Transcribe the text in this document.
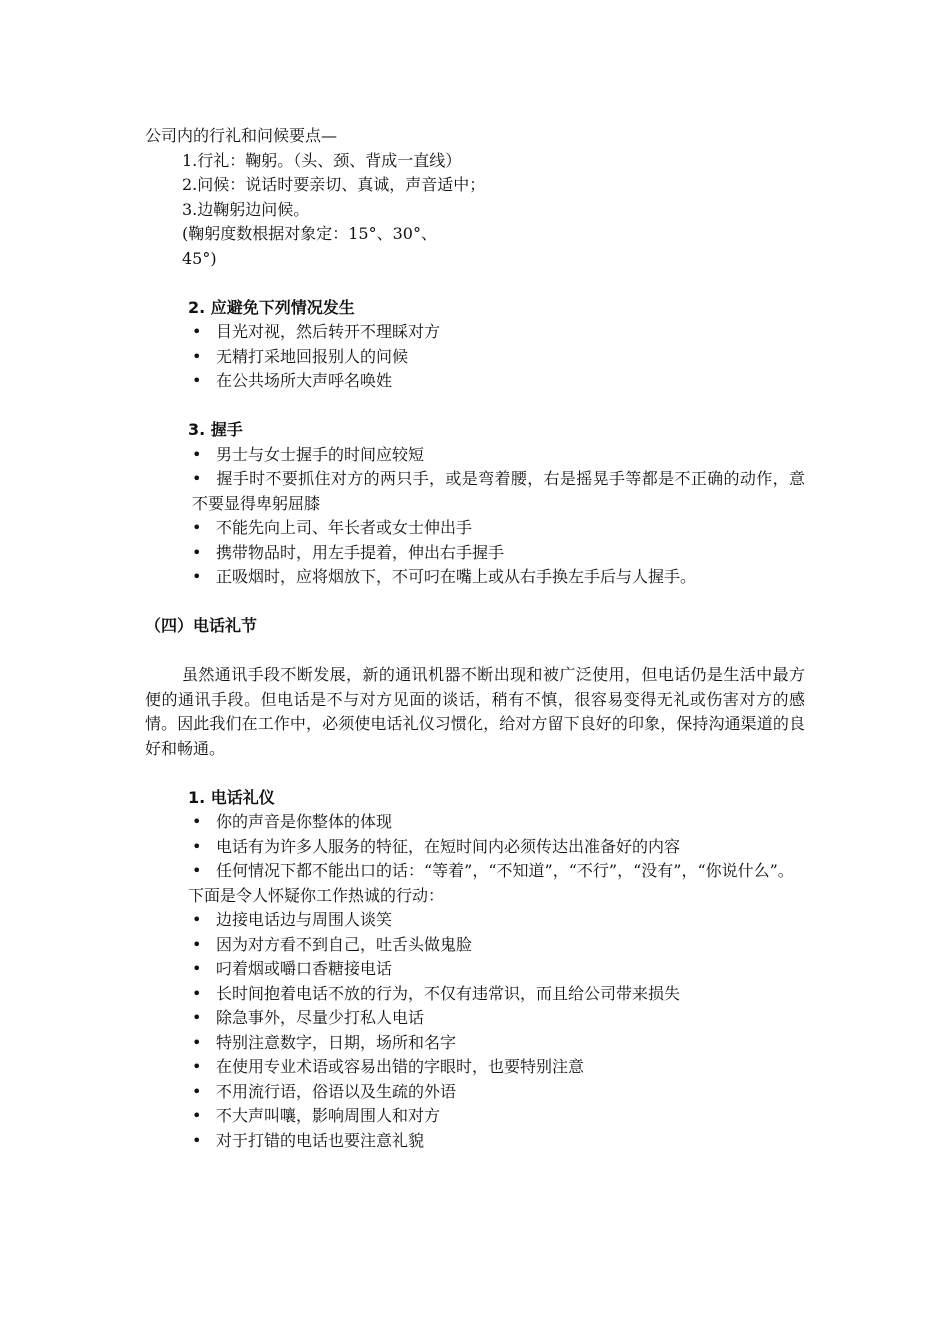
公司内的行礼和问候要点—
1.行礼：鞠躬。（头、颈、背成一直线）
2.问候：说话时要亲切、真诚，声音适中；
3.边鞠躬边问候。
(鞠躬度数根据对象定：15°、30°、
45°)
2. 应避免下列情况发生
• 目光对视，然后转开不理睬对方
• 无精打采地回报别人的问候
• 在公共场所大声呼名唤姓
3. 握手
• 男士与女士握手的时间应较短
• 握手时不要抓住对方的两只手，或是弯着腰，右是摇晃手等都是不正确的动作，意不要显得卑躬屈膝
• 不能先向上司、年长者或女士伸出手
• 携带物品时，用左手提着，伸出右手握手
• 正吸烟时，应将烟放下，不可叼在嘴上或从右手换左手后与人握手。
（四）电话礼节
虽然通讯手段不断发展，新的通讯机器不断出现和被广泛使用，但电话仍是生活中最方便的通讯手段。但电话是不与对方见面的谈话，稍有不慎，很容易变得无礼或伤害对方的感情。因此我们在工作中，必须使电话礼仪习惯化，给对方留下良好的印象，保持沟通渠道的良好和畅通。
1. 电话礼仪
• 你的声音是你整体的体现
• 电话有为许多人服务的特征，在短时间内必须传达出准备好的内容
• 任何情况下都不能出口的话：“等着”，“不知道”，“不行”，“没有”，“你说什么”。
下面是令人怀疑你工作热诚的行动：
• 边接电话边与周围人谈笑
• 因为对方看不到自己，吐舌头做鬼脸
• 叼着烟或嚼口香糖接电话
• 长时间抱着电话不放的行为，不仅有违常识，而且给公司带来损失
• 除急事外，尽量少打私人电话
• 特别注意数字，日期，场所和名字
• 在使用专业术语或容易出错的字眼时，也要特别注意
• 不用流行语，俗语以及生疏的外语
• 不大声叫嚷，影响周围人和对方
• 对于打错的电话也要注意礼貌
